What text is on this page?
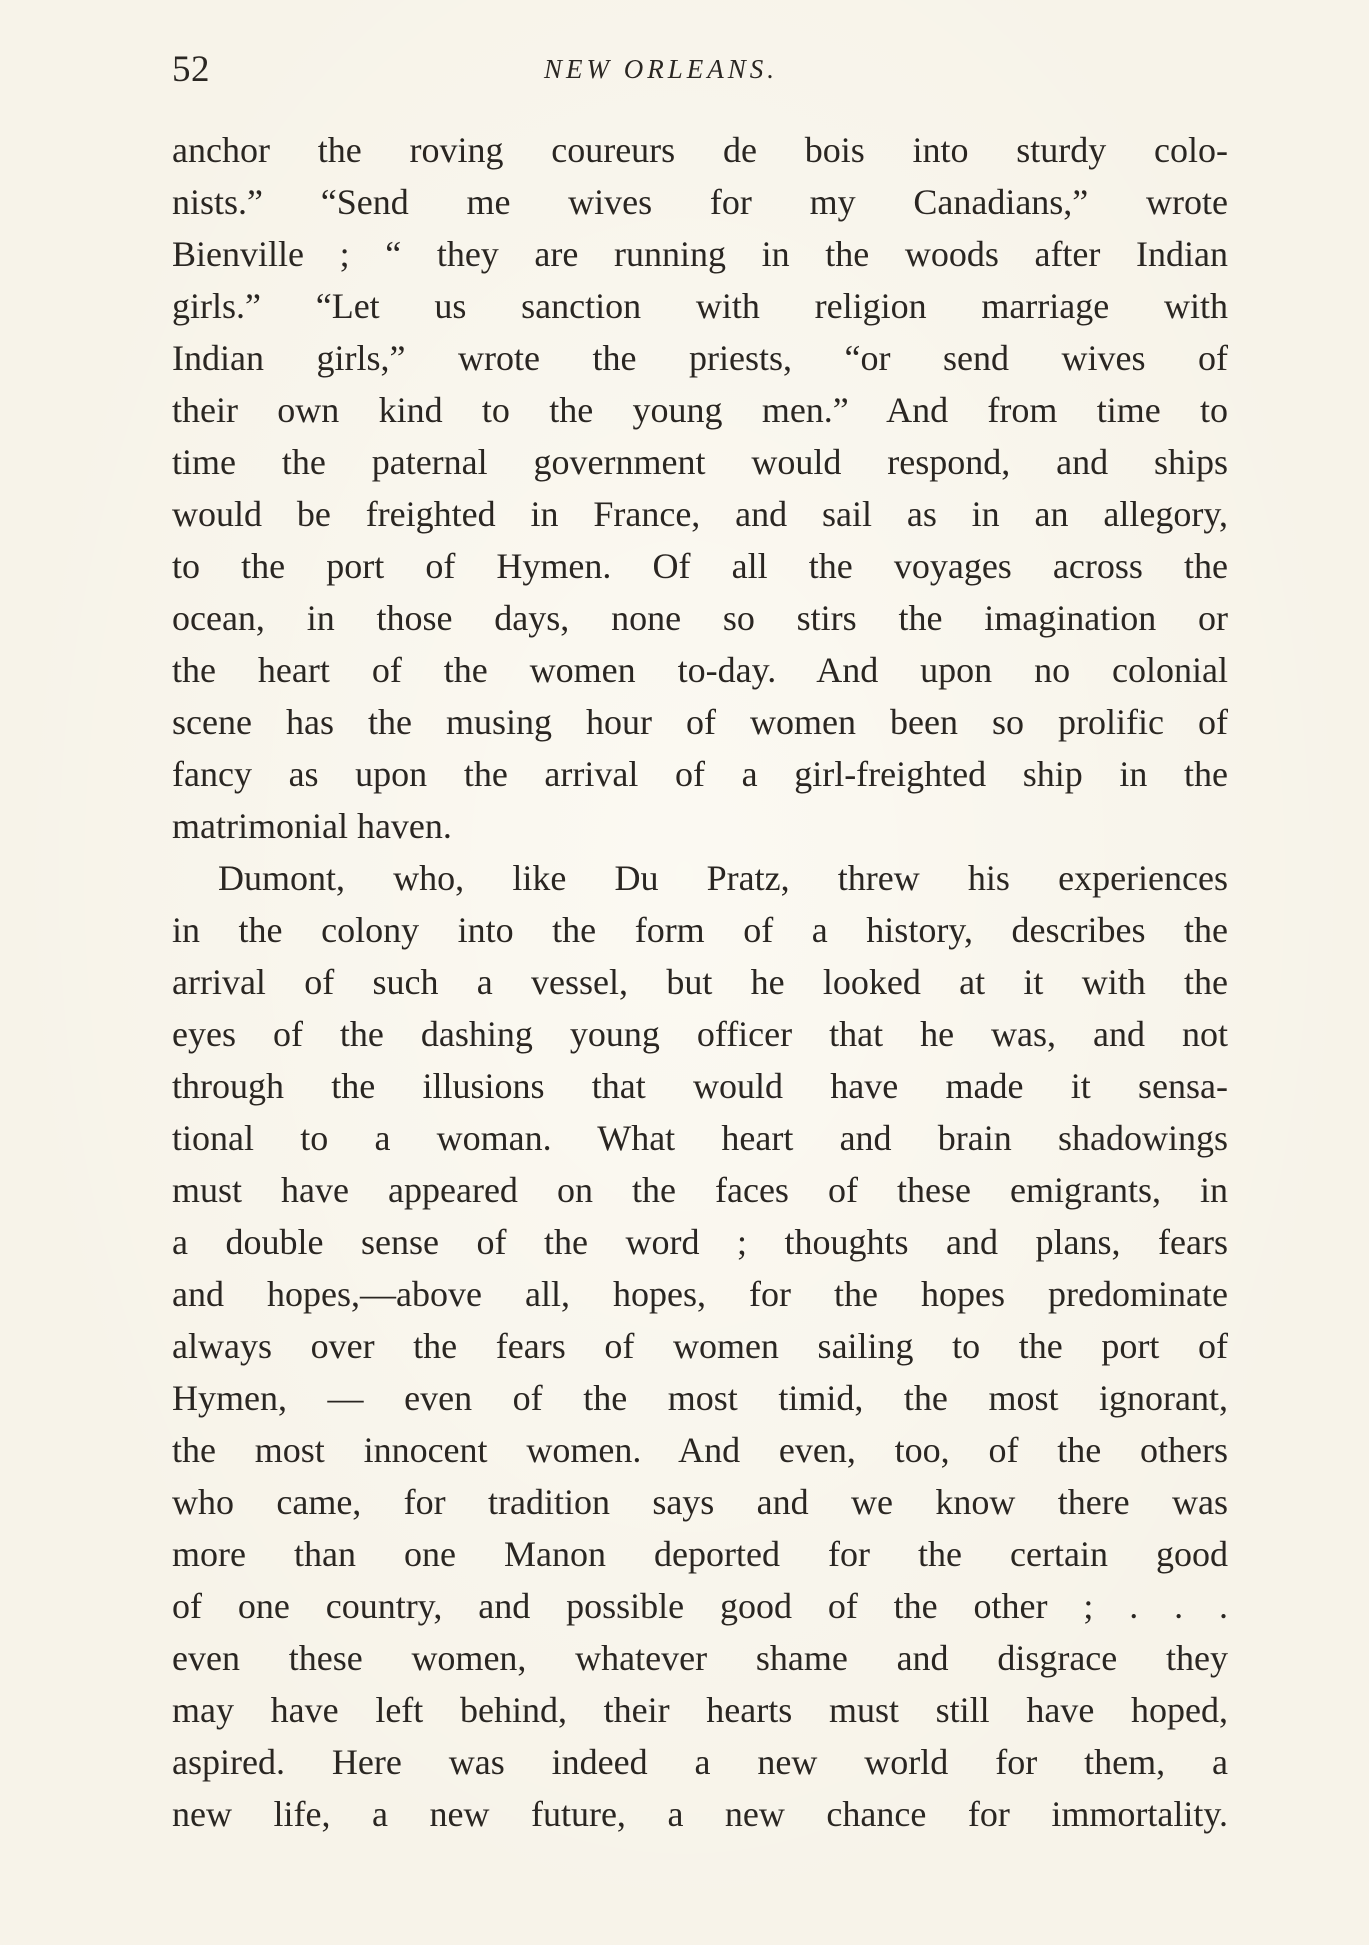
52	NEW ORLEANS.
anchor the roving coureurs de bois into sturdy colo-
nists.” “Send me wives for my Canadians,” wrote
Bienville ; “ they are running in the woods after Indian
girls.” “Let us sanction with religion marriage with
Indian girls,” wrote the priests, “or send wives of
their own kind to the young men.” And from time to
time the paternal government would respond, and ships
would be freighted in France, and sail as in an allegory,
to the port of Hymen. Of all the voyages across the
ocean, in those days, none so stirs the imagination or
the heart of the women to-day. And upon no colonial
scene has the musing hour of women been so prolific of
fancy as upon the arrival of a girl-freighted ship in the
matrimonial haven.
Dumont, who, like Du Pratz, threw his experiences
in the colony into the form of a history, describes the
arrival of such a vessel, but he looked at it with the
eyes of the dashing young officer that he was, and not
through the illusions that would have made it sensa-
tional to a woman. What heart and brain shadowings
must have appeared on the faces of these emigrants, in
a double sense of the word ; thoughts and plans, fears
and hopes,—above all, hopes, for the hopes predominate
always over the fears of women sailing to the port of
Hymen, — even of the most timid, the most ignorant,
the most innocent women. And even, too, of the others
who came, for tradition says and we know there was
more than one Manon deported for the certain good
of one country, and possible good of the other ; . . .
even these women, whatever shame and disgrace they
may have left behind, their hearts must still have hoped,
aspired. Here was indeed a new world for them, a
new life, a new future, a new chance for immortality.
